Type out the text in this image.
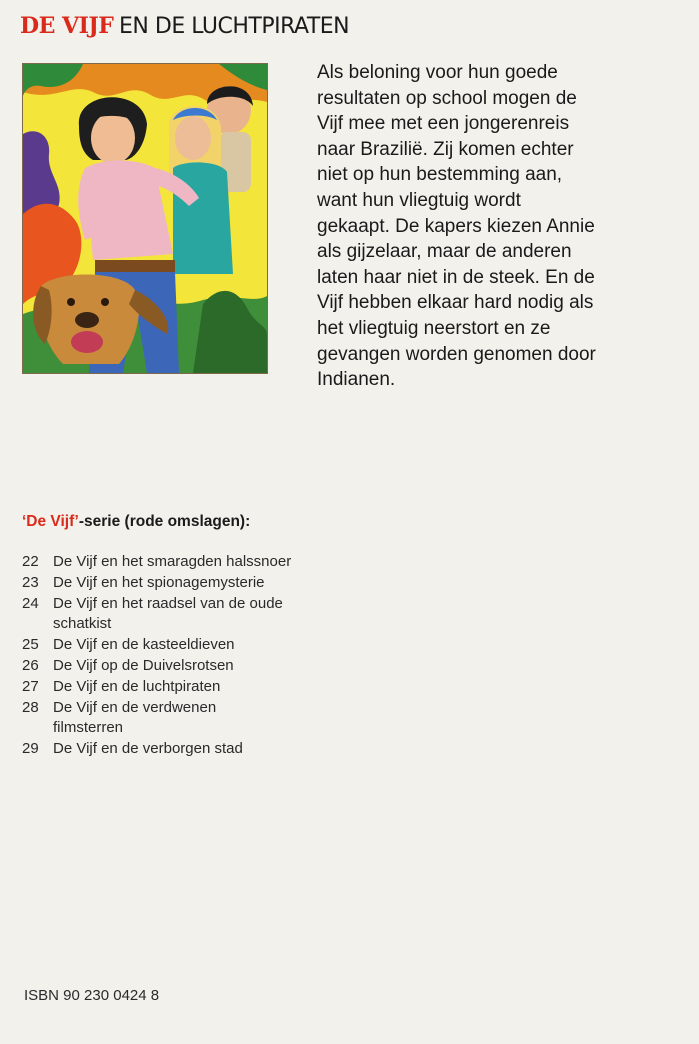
DE VIJF EN DE LUCHTPIRATEN

Als beloning voor hun goede resultaten op school mogen de Vijf mee met een jongerenreis naar Brazilië. Zij komen echter niet op hun bestemming aan, want hun vliegtuig wordt gekaapt. De kapers kiezen Annie als gijzelaar, maar de anderen laten haar niet in de steek. En de Vijf hebben elkaar hard nodig als het vliegtuig neerstort en ze gevangen worden genomen door Indianen.

‘De Vijf’-serie (rode omslagen):

22 De Vijf en het smaragden halssnoer
23 De Vijf en het spionagemysterie
24 De Vijf en het raadsel van de oude schatkist
25 De Vijf en de kasteeldieven
26 De Vijf op de Duivelsrotsen
27 De Vijf en de luchtpiraten
28 De Vijf en de verdwenen filmsterren
29 De Vijf en de verborgen stad
ISBN 90 230 0424 8
